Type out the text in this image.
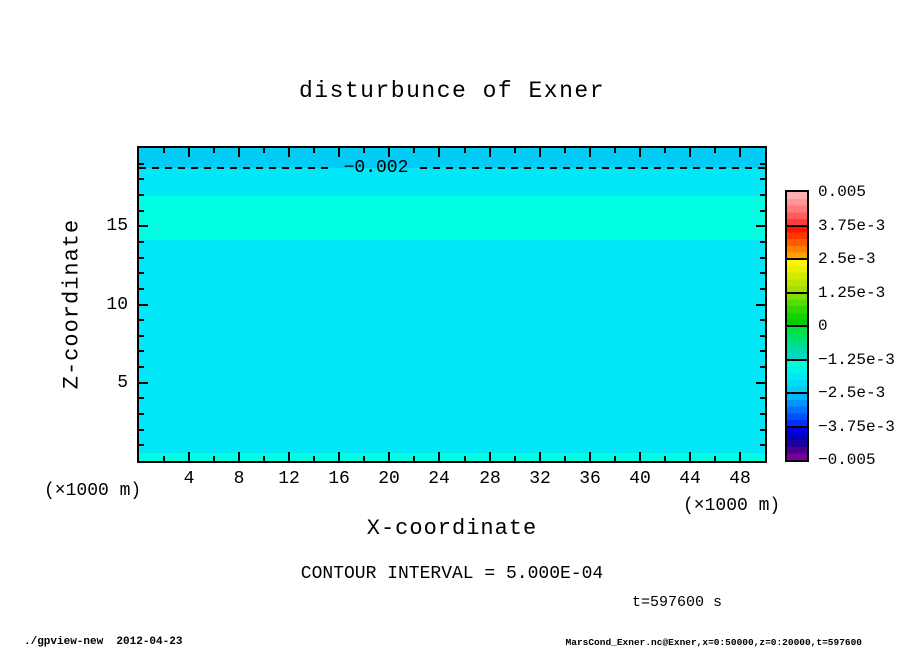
disturbunce of Exner
−0.002
Z-coordinate
X-coordinate
(×1000 m)
(×1000 m)
CONTOUR INTERVAL = 5.000E-04
t=597600 s
./gpview-new  2012-04-23	MarsCond_Exner.nc@Exner,x=0:50000,z=0:20000,t=597600
4 8 12 16 20 24 28 32 36 40 44 48
5
10
15
0.005
3.75e-3
2.5e-3
1.25e-3
0
−1.25e-3
−2.5e-3
−3.75e-3
−0.005
